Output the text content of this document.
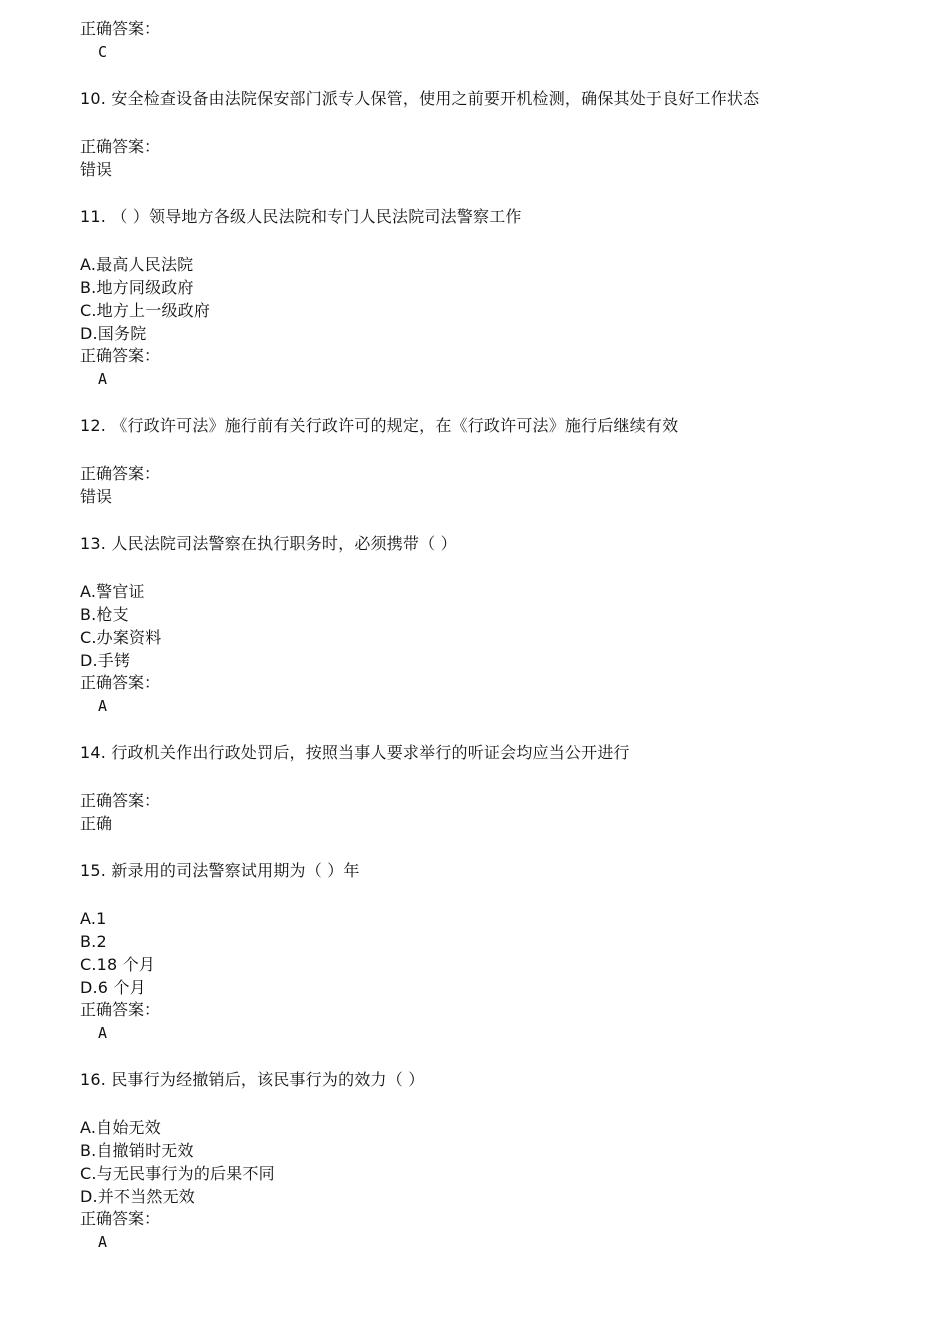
正确答案：
C
10. 安全检查设备由法院保安部门派专人保管，使用之前要开机检测，确保其处于良好工作状态
正确答案：
错误
11. （ ）领导地方各级人民法院和专门人民法院司法警察工作
A.最高人民法院
B.地方同级政府
C.地方上一级政府
D.国务院
正确答案：
A
12. 《行政许可法》施行前有关行政许可的规定，在《行政许可法》施行后继续有效
正确答案：
错误
13. 人民法院司法警察在执行职务时，必须携带（ ）
A.警官证
B.枪支
C.办案资料
D.手铐
正确答案：
A
14. 行政机关作出行政处罚后，按照当事人要求举行的听证会均应当公开进行
正确答案：
正确
15. 新录用的司法警察试用期为（ ）年
A.1
B.2
C.18 个月
D.6 个月
正确答案：
A
16. 民事行为经撤销后，该民事行为的效力（ ）
A.自始无效
B.自撤销时无效
C.与无民事行为的后果不同
D.并不当然无效
正确答案：
A
